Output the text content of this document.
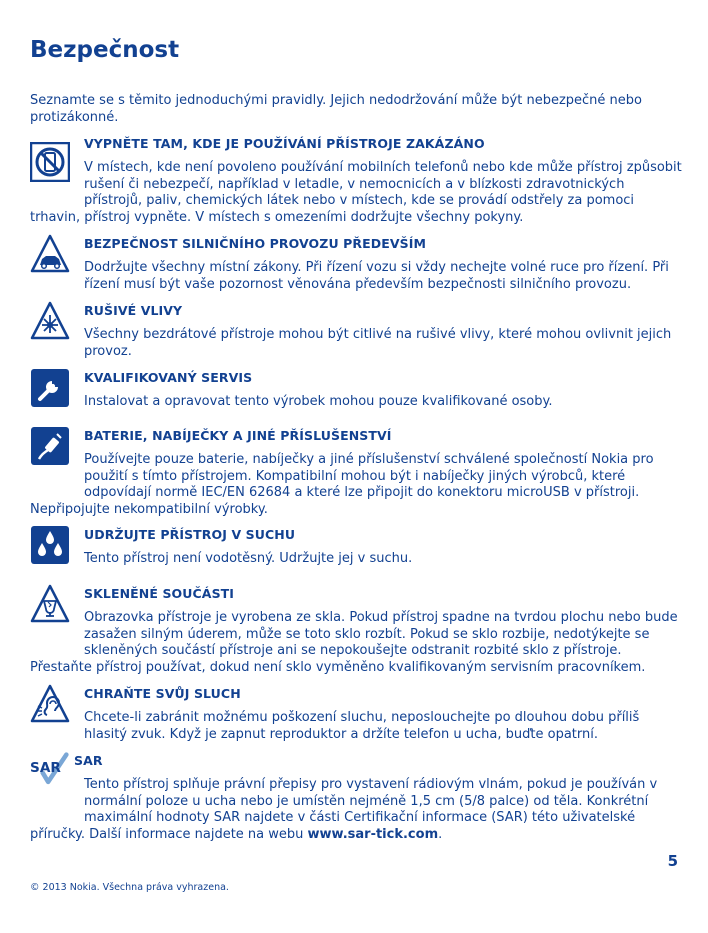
Bezpečnost
Seznamte se s těmito jednoduchými pravidly. Jejich nedodržování může být nebezpečné nebo protizákonné.
VYPNĚTE TAM, KDE JE POUŽÍVÁNÍ PŘÍSTROJE ZAKÁZÁNO
V místech, kde není povoleno používání mobilních telefonů nebo kde může přístroj způsobit rušení či nebezpečí, například v letadle, v nemocnicích a v blízkosti zdravotnických přístrojů, paliv, chemických látek nebo v místech, kde se provádí odstřely za pomoci trhavin, přístroj vypněte. V místech s omezeními dodržujte všechny pokyny.
BEZPEČNOST SILNIČNÍHO PROVOZU PŘEDEVŠÍM
Dodržujte všechny místní zákony. Při řízení vozu si vždy nechejte volné ruce pro řízení. Při řízení musí být vaše pozornost věnována především bezpečnosti silničního provozu.
RUŠIVÉ VLIVY
Všechny bezdrátové přístroje mohou být citlivé na rušivé vlivy, které mohou ovlivnit jejich provoz.
KVALIFIKOVANÝ SERVIS
Instalovat a opravovat tento výrobek mohou pouze kvalifikované osoby.
BATERIE, NABÍJEČKY A JINÉ PŘÍSLUŠENSTVÍ
Používejte pouze baterie, nabíječky a jiné příslušenství schválené společností Nokia pro použití s tímto přístrojem. Kompatibilní mohou být i nabíječky jiných výrobců, které odpovídají normě IEC/EN 62684 a které lze připojit do konektoru microUSB v přístroji. Nepřipojujte nekompatibilní výrobky.
UDRŽUJTE PŘÍSTROJ V SUCHU
Tento přístroj není vodotěsný. Udržujte jej v suchu.
SKLENĚNÉ SOUČÁSTI
Obrazovka přístroje je vyrobena ze skla. Pokud přístroj spadne na tvrdou plochu nebo bude zasažen silným úderem, může se toto sklo rozbít. Pokud se sklo rozbije, nedotýkejte se skleněných součástí přístroje ani se nepokoušejte odstranit rozbité sklo z přístroje. Přestaňte přístroj používat, dokud není sklo vyměněno kvalifikovaným servisním pracovníkem.
CHRAŇTE SVŮJ SLUCH
Chcete-li zabránit možnému poškození sluchu, neposlouchejte po dlouhou dobu příliš hlasitý zvuk. Když je zapnut reproduktor a držíte telefon u ucha, buďte opatrní.
SAR SAR
Tento přístroj splňuje právní přepisy pro vystavení rádiovým vlnám, pokud je používán v normální poloze u ucha nebo je umístěn nejméně 1,5 cm (5/8 palce) od těla. Konkrétní maximální hodnoty SAR najdete v části Certifikační informace (SAR) této uživatelské příručky. Další informace najdete na webu www.sar-tick.com.
© 2013 Nokia. Všechna práva vyhrazena.
5
